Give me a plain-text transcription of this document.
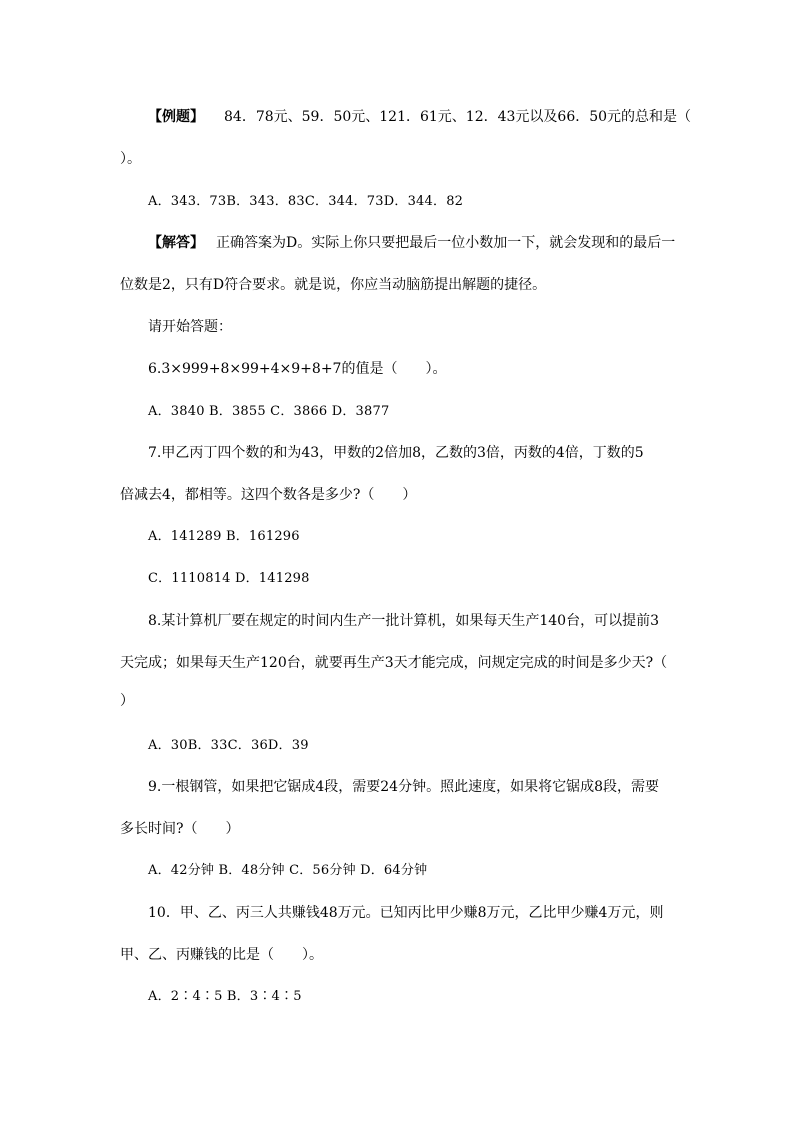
【例题】 84．78元、59．50元、121．61元、12．43元以及66．50元的总和是（
）。
A．343．73B．343．83C．344．73D．344．82
【解答】 正确答案为D。实际上你只要把最后一位小数加一下，就会发现和的最后一
位数是2，只有D符合要求。就是说，你应当动脑筋提出解题的捷径。
请开始答题：
6.3×999+8×99+4×9+8+7的值是（　　）。
A．3840 B．3855 C．3866 D．3877
7.甲乙丙丁四个数的和为43，甲数的2倍加8，乙数的3倍，丙数的4倍，丁数的5
倍减去4，都相等。这四个数各是多少?（　　）
A．141289 B．161296
C．1110814 D．141298
8.某计算机厂要在规定的时间内生产一批计算机，如果每天生产140台，可以提前3
天完成；如果每天生产120台，就要再生产3天才能完成，问规定完成的时间是多少天?（
）
A．30B．33C．36D．39
9.一根钢管，如果把它锯成4段，需要24分钟。照此速度，如果将它锯成8段，需要
多长时间?（　　）
A．42分钟 B．48分钟 C．56分钟 D．64分钟
10．甲、乙、丙三人共赚钱48万元。已知丙比甲少赚8万元，乙比甲少赚4万元，则
甲、乙、丙赚钱的比是（　　）。
A．2∶4∶5 B．3∶4∶5
